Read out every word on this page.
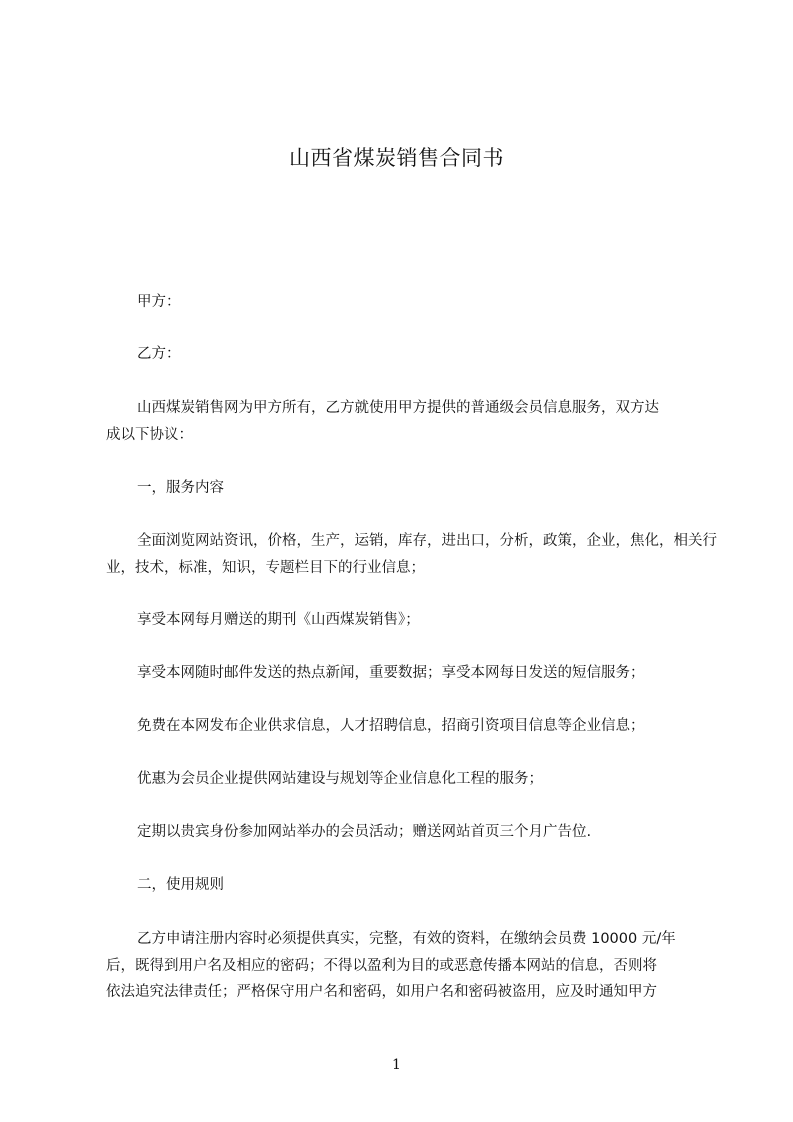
山西省煤炭销售合同书
甲方：
乙方：
山西煤炭销售网为甲方所有，乙方就使用甲方提供的普通级会员信息服务，双方达
成以下协议：
一，服务内容
全面浏览网站资讯，价格，生产，运销，库存，进出口，分析，政策，企业，焦化，相关行
业，技术，标准，知识，专题栏目下的行业信息；
享受本网每月赠送的期刊《山西煤炭销售》；
享受本网随时邮件发送的热点新闻，重要数据；享受本网每日发送的短信服务；
免费在本网发布企业供求信息，人才招聘信息，招商引资项目信息等企业信息；
优惠为会员企业提供网站建设与规划等企业信息化工程的服务；
定期以贵宾身份参加网站举办的会员活动；赠送网站首页三个月广告位.
二，使用规则
乙方申请注册内容时必须提供真实，完整，有效的资料，在缴纳会员费 10000 元/年
后，既得到用户名及相应的密码；不得以盈利为目的或恶意传播本网站的信息，否则将
依法追究法律责任；严格保守用户名和密码，如用户名和密码被盗用，应及时通知甲方
1
